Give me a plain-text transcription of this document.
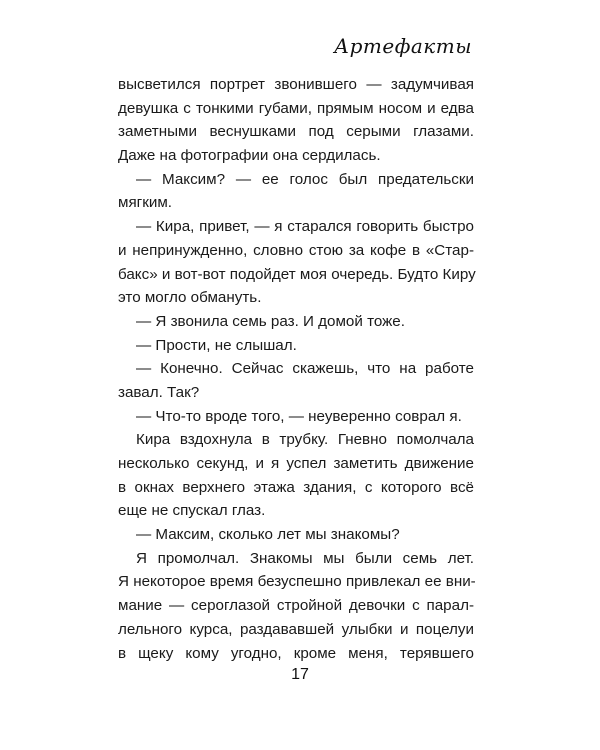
Артефакты
высветился портрет звонившего — задумчивая
девушка с тонкими губами, прямым носом и едва
заметными веснушками под серыми глазами.
Даже на фотографии она сердилась.
— Максим? — ее голос был предательски
мягким.
— Кира, привет, — я старался говорить быстро
и непринужденно, словно стою за кофе в «Стар-
бакс» и вот-вот подойдет моя очередь. Будто Киру
это могло обмануть.
— Я звонила семь раз. И домой тоже.
— Прости, не слышал.
— Конечно. Сейчас скажешь, что на работе
завал. Так?
— Что-то вроде того, — неуверенно соврал я.
Кира вздохнула в трубку. Гневно помолчала
несколько секунд, и я успел заметить движение
в окнах верхнего этажа здания, с которого всё
еще не спускал глаз.
— Максим, сколько лет мы знакомы?
Я промолчал. Знакомы мы были семь лет.
Я некоторое время безуспешно привлекал ее вни-
мание — сероглазой стройной девочки с парал-
лельного курса, раздававшей улыбки и поцелуи
в щеку кому угодно, кроме меня, терявшего
17
